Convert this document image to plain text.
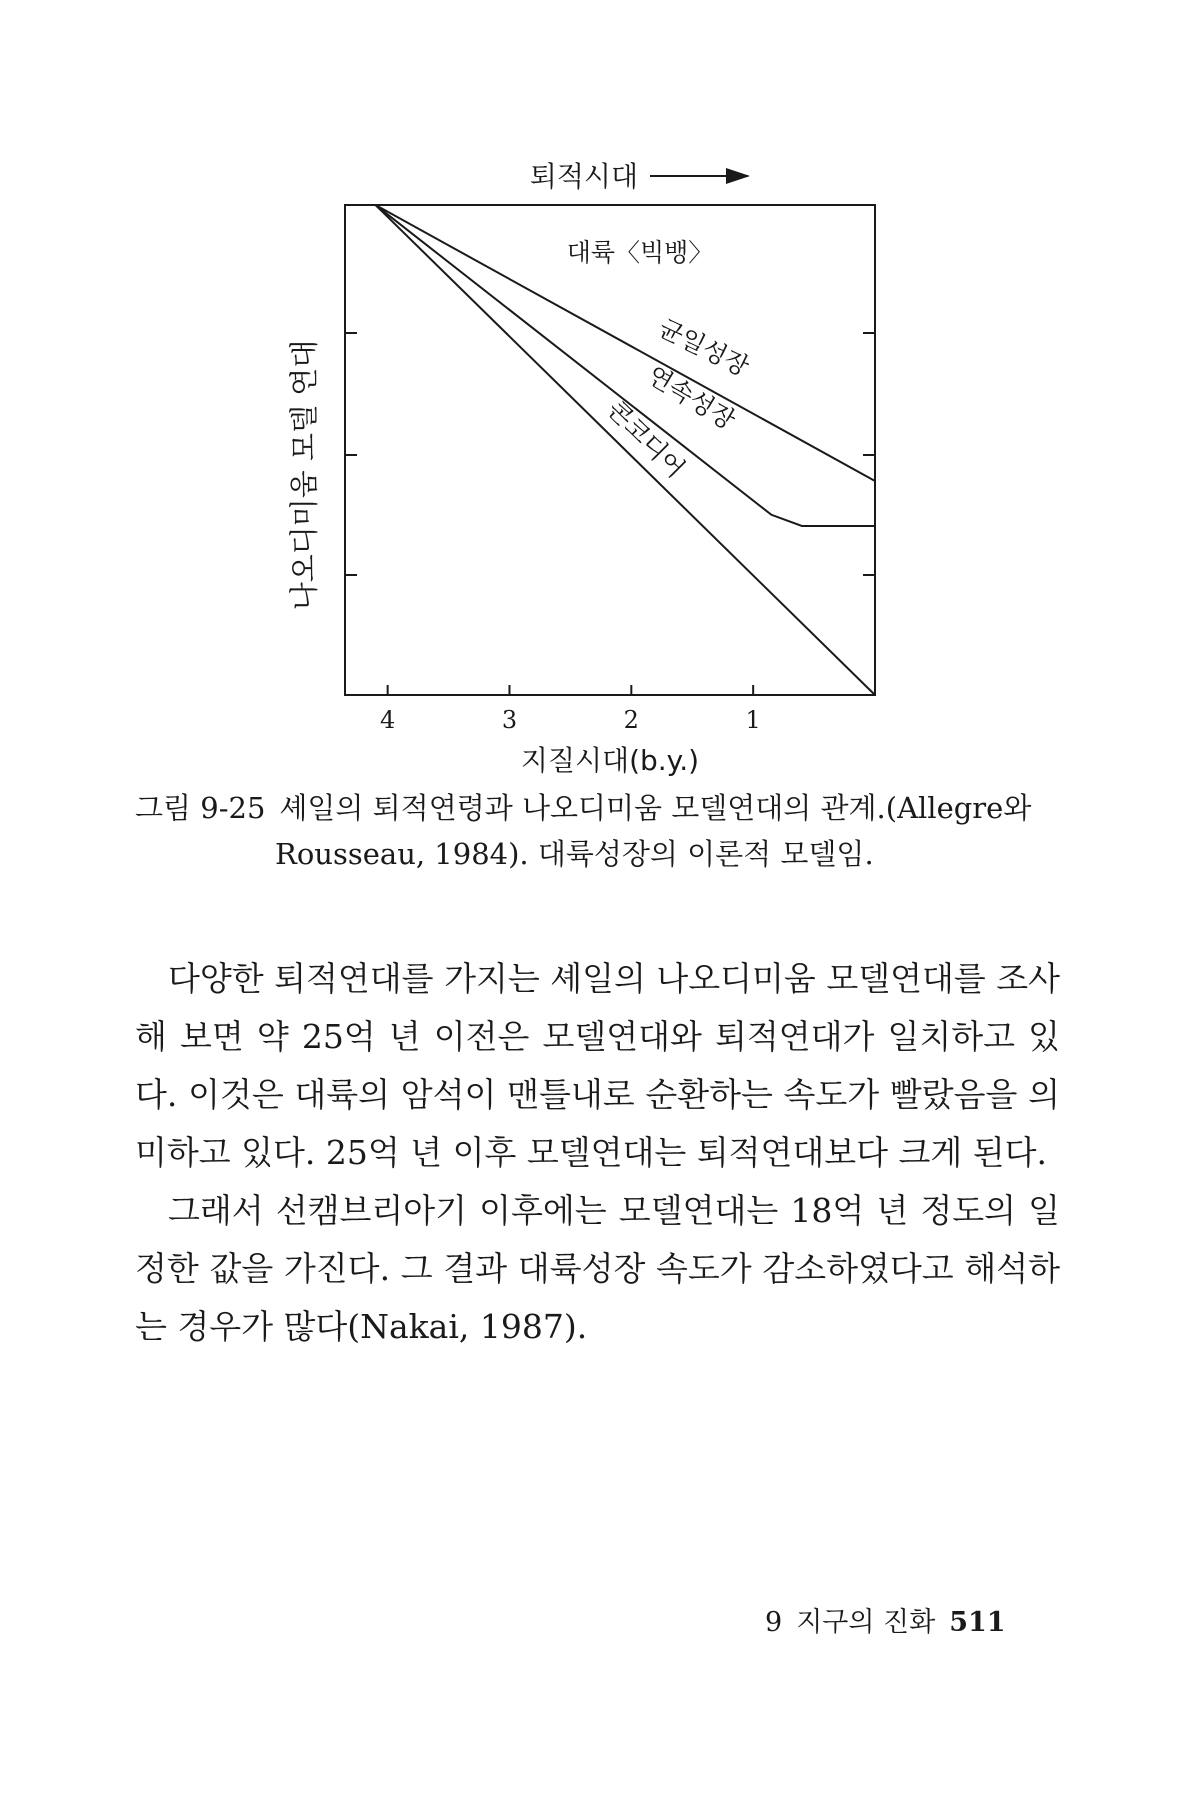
4	3	2	1
퇴적시대
지질시대(b.y.)
나오디미움 모델 연대
대륙〈빅뱅〉
균일성장
연속성장
콘코디어
그림 9-25 셰일의 퇴적연령과 나오디미움 모델연대의 관계.(Allegre와
Rousseau, 1984). 대륙성장의 이론적 모델임.

다양한 퇴적연대를 가지는 셰일의 나오디미움 모델연대를 조사해 보면 약 25억 년 이전은 모델연대와 퇴적연대가 일치하고 있다. 이것은 대륙의 암석이 맨틀내로 순환하는 속도가 빨랐음을 의미하고 있다. 25억 년 이후 모델연대는 퇴적연대보다 크게 된다.

그래서 선캠브리아기 이후에는 모델연대는 18억 년 정도의 일정한 값을 가진다. 그 결과 대륙성장 속도가 감소하였다고 해석하는 경우가 많다(Nakai, 1987).

9 지구의 진화 511
